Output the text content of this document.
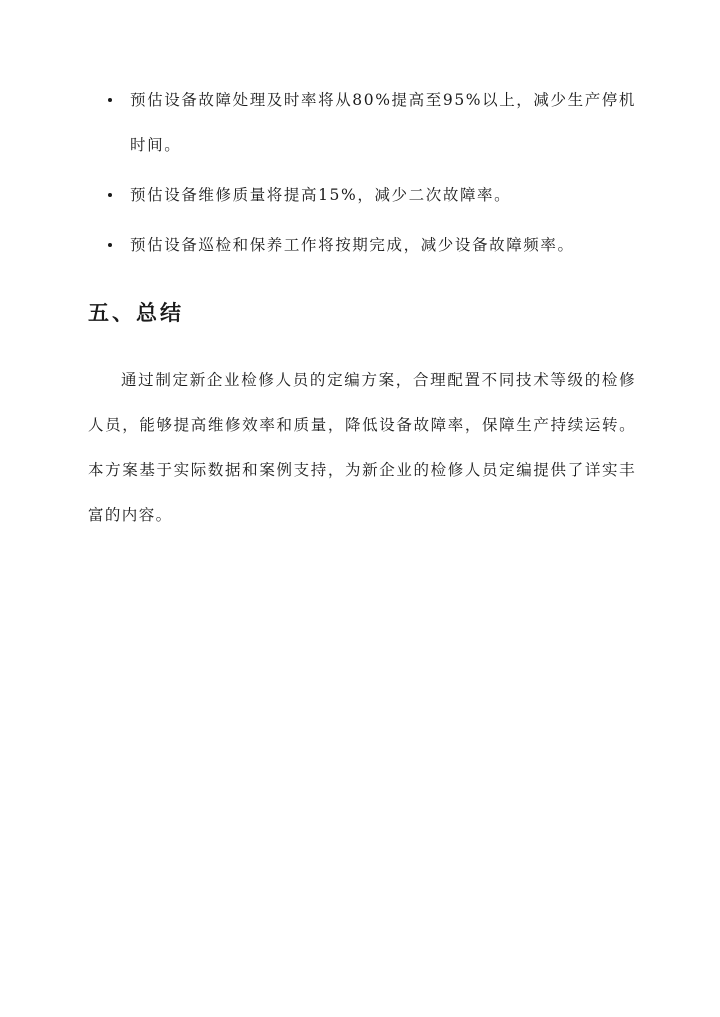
预估设备故障处理及时率将从80%提高至95%以上，减少生产停机时间。
预估设备维修质量将提高15%，减少二次故障率。
预估设备巡检和保养工作将按期完成，减少设备故障频率。
五、总结

通过制定新企业检修人员的定编方案，合理配置不同技术等级的检修人员，能够提高维修效率和质量，降低设备故障率，保障生产持续运转。本方案基于实际数据和案例支持，为新企业的检修人员定编提供了详实丰富的内容。
